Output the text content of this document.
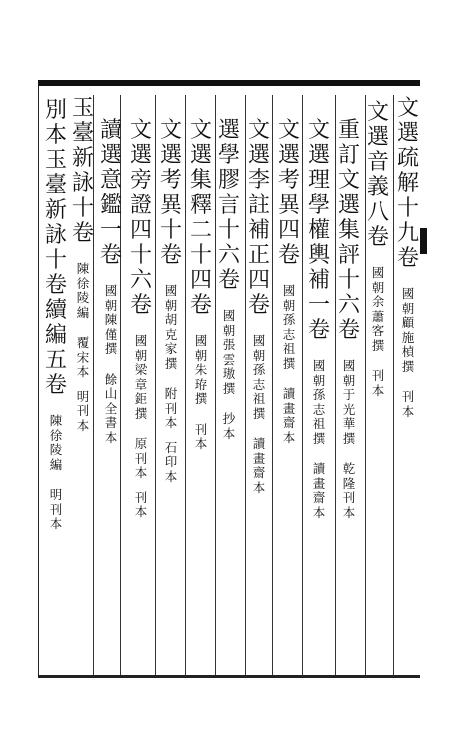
文
選
疏
解
十
九
卷
國
朝
顧
施
楨
撰
刊
本
文
選
音
義
八
卷
國
朝
余
蕭
客
撰
刊
本
重
訂
文
選
集
評
十
六
卷
國
朝
于
光
華
撰
乾
隆
刊
本
文
選
理
學
權
輿
補
一
卷
國
朝
孫
志
祖
撰
讀
畫
齋
本
文
選
考
異
四
卷
國
朝
孫
志
祖
撰
讀
畫
齋
本
文
選
李
註
補
正
四
卷
國
朝
孫
志
祖
撰
讀
畫
齋
本
選
學
膠
言
十
六
卷
國
朝
張
雲
璈
撰
抄
本
文
選
集
釋
二
十
四
卷
國
朝
朱
珔
撰
刊
本
文
選
考
異
十
卷
國
朝
胡
克
家
撰
附
刊
本
石
印
本
文
選
旁
證
四
十
六
卷
國
朝
梁
章
鉅
撰
原
刊
本
刊
本
讀
選
意
鑑
一
卷
國
朝
陳
僅
撰
餘
山
全
書
本
玉
臺
新
詠
十
卷
陳
徐
陵
編
覆
宋
本
明
刊
本
別
本
玉
臺
新
詠
十
卷
續
編
五
卷
陳
徐
陵
編
明
刊
本
